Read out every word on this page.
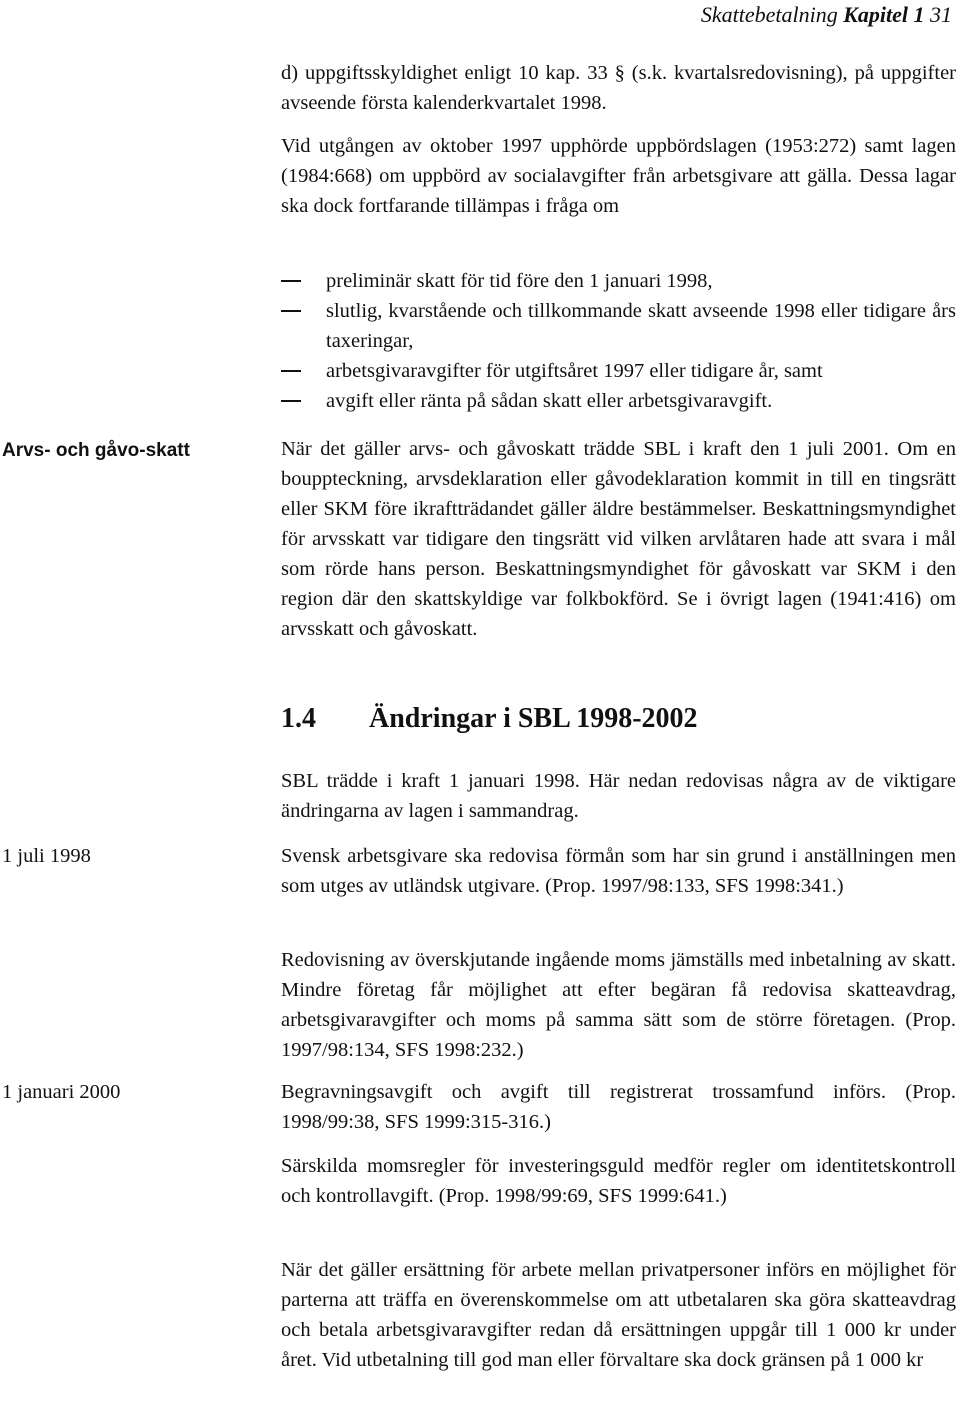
Skattebetalning Kapitel 1 31

d) uppgiftsskyldighet enligt 10 kap. 33 § (s.k. kvartalsredovisning), på uppgifter avseende första kalenderkvartalet 1998.

Vid utgången av oktober 1997 upphörde uppbördslagen (1953:272) samt lagen (1984:668) om uppbörd av socialavgifter från arbetsgivare att gälla. Dessa lagar ska dock fortfarande tillämpas i fråga om

preliminär skatt för tid före den 1 januari 1998,
slutlig, kvarstående och tillkommande skatt avseende 1998 eller tidigare års taxeringar,
arbetsgivaravgifter för utgiftsåret 1997 eller tidigare år, samt
avgift eller ränta på sådan skatt eller arbetsgivaravgift.

Arvs- och gåvo-skatt	När det gäller arvs- och gåvoskatt trädde SBL i kraft den 1 juli 2001. Om en bouppteckning, arvsdeklaration eller gåvodeklaration kommit in till en tingsrätt eller SKM före ikraftträdandet gäller äldre bestämmelser. Beskattningsmyndighet för arvsskatt var tidigare den tingsrätt vid vilken arvlåtaren hade att svara i mål som rörde hans person. Beskattningsmyndighet för gåvoskatt var SKM i den region där den skattskyldige var folkbokförd. Se i övrigt lagen (1941:416) om arvsskatt och gåvoskatt.

1.4 Ändringar i SBL 1998-2002

SBL trädde i kraft 1 januari 1998. Här nedan redovisas några av de viktigare ändringarna av lagen i sammandrag.

1 juli 1998	Svensk arbetsgivare ska redovisa förmån som har sin grund i anställningen men som utges av utländsk utgivare. (Prop. 1997/98:133, SFS 1998:341.)

Redovisning av överskjutande ingående moms jämställs med inbetalning av skatt. Mindre företag får möjlighet att efter begäran få redovisa skatteavdrag, arbetsgivaravgifter och moms på samma sätt som de större företagen. (Prop. 1997/98:134, SFS 1998:232.)

1 januari 2000	Begravningsavgift och avgift till registrerat trossamfund införs. (Prop. 1998/99:38, SFS 1999:315-316.)

Särskilda momsregler för investeringsguld medför regler om identitetskontroll och kontrollavgift. (Prop. 1998/99:69, SFS 1999:641.)

När det gäller ersättning för arbete mellan privatpersoner införs en möjlighet för parterna att träffa en överenskommelse om att utbetalaren ska göra skatteavdrag och betala arbetsgivaravgifter redan då ersättningen uppgår till 1 000 kr under året. Vid utbetalning till god man eller förvaltare ska dock gränsen på 1 000 kr
